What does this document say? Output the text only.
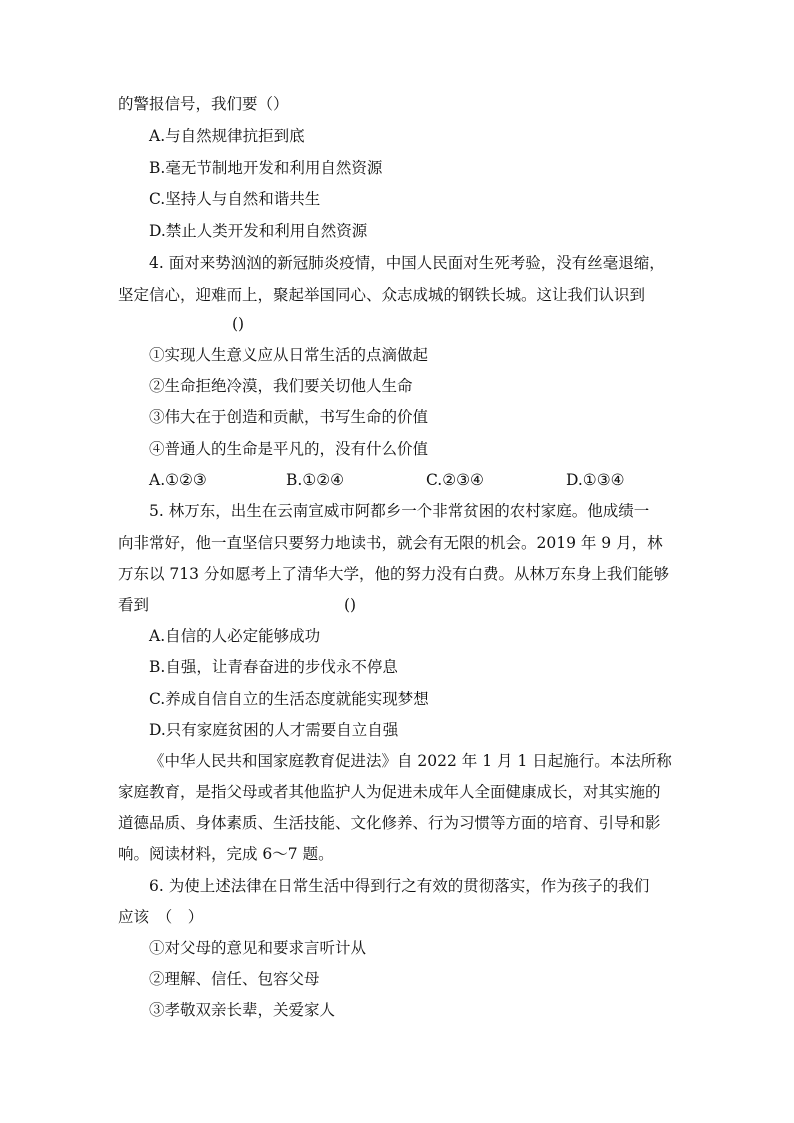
的警报信号，我们要（）
A.与自然规律抗拒到底
B.毫无节制地开发和利用自然资源
C.坚持人与自然和谐共生
D.禁止人类开发和利用自然资源
4. 面对来势汹汹的新冠肺炎疫情，中国人民面对生死考验，没有丝毫退缩，
坚定信心，迎难而上，聚起举国同心、众志成城的钢铁长城。这让我们认识到
()
①实现人生意义应从日常生活的点滴做起
②生命拒绝冷漠，我们要关切他人生命
③伟大在于创造和贡献，书写生命的价值
④普通人的生命是平凡的，没有什么价值
A.①②③	B.①②④	C.②③④	D.①③④
5. 林万东，出生在云南宣威市阿都乡一个非常贫困的农村家庭。他成绩一
向非常好，他一直坚信只要努力地读书，就会有无限的机会。2019 年 9 月，林
万东以 713 分如愿考上了清华大学，他的努力没有白费。从林万东身上我们能够
看到	()
A.自信的人必定能够成功
B.自强，让青春奋进的步伐永不停息
C.养成自信自立的生活态度就能实现梦想
D.只有家庭贫困的人才需要自立自强
《中华人民共和国家庭教育促进法》自 2022 年 1 月 1 日起施行。本法所称
家庭教育，是指父母或者其他监护人为促进未成年人全面健康成长，对其实施的
道德品质、身体素质、生活技能、文化修养、行为习惯等方面的培育、引导和影
响。阅读材料，完成 6～7 题。
6. 为使上述法律在日常生活中得到行之有效的贯彻落实，作为孩子的我们
应该　（　）
①对父母的意见和要求言听计从
②理解、信任、包容父母
③孝敬双亲长辈，关爱家人
